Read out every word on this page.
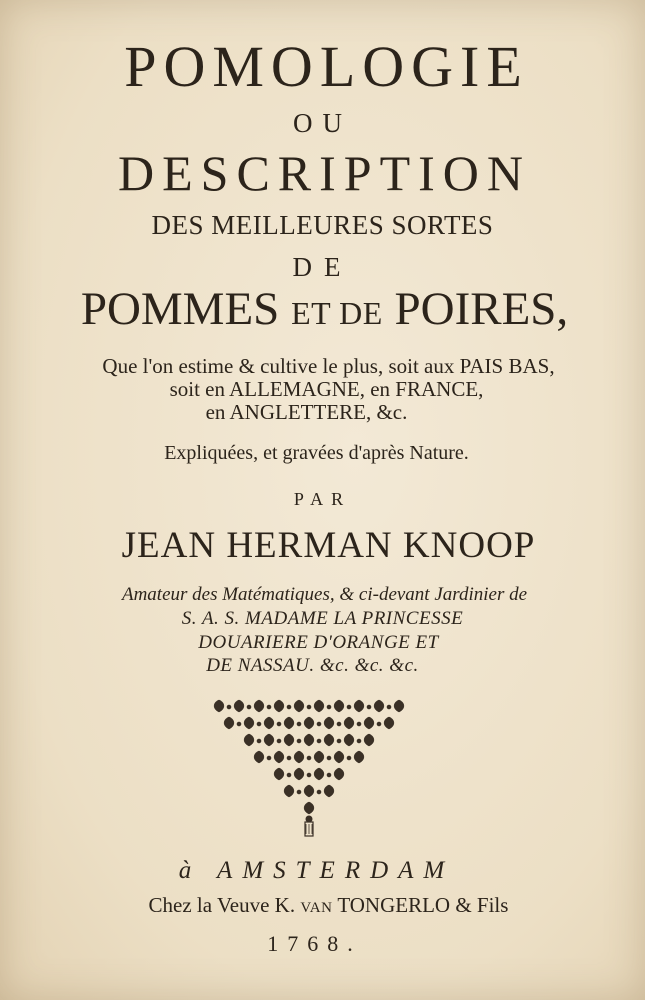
POMOLOGIE
OU
DESCRIPTION
DES MEILLEURES SORTES
DE
POMMES ET DE POIRES,
Que l'on estime & cultive le plus, soit aux PAIS BAS,
soit en ALLEMAGNE, en FRANCE,
en ANGLETTERE, &c.
Expliquées, et gravées d'après Nature.
PAR
JEAN HERMAN KNOOP
Amateur des Matématiques, & ci-devant Jardinier de
S. A. S. MADAME LA PRINCESSE
DOUARIERE D'ORANGE ET
DE NASSAU. &c. &c. &c.
à AMSTERDAM
Chez la Veuve K. VAN TONGERLO & Fils
1768.
